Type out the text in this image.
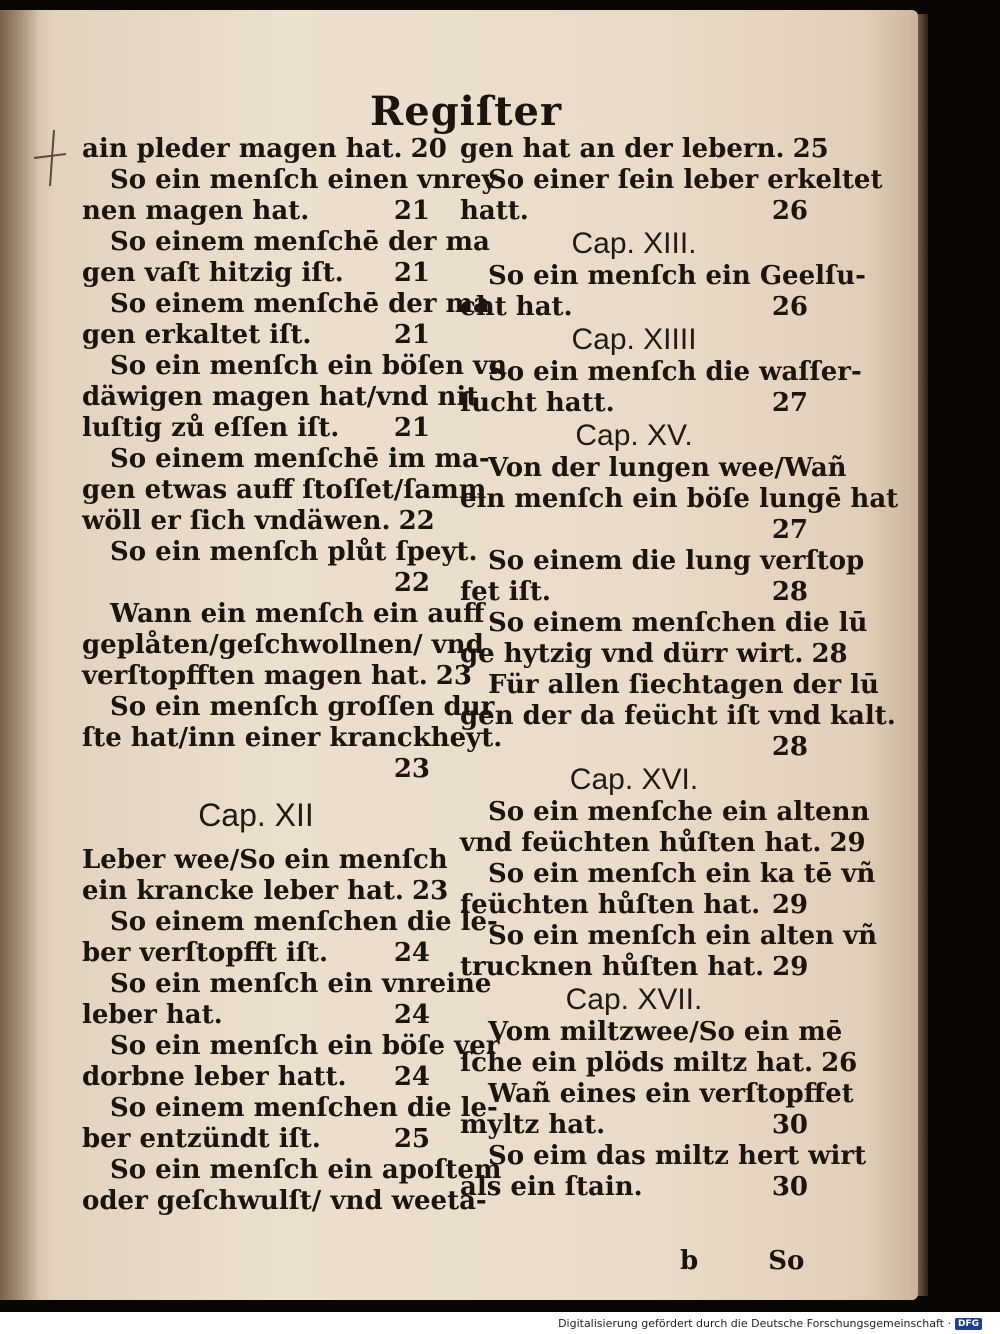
Regiſter
ain pleder magen hat. 20
So ein menſch einen vnrey
nen magen hat.	21
So einem menſchē der ma
gen vaſt hitzig iſt.	21
So einem menſchē der ma
gen erkaltet iſt.	21
So ein menſch ein böſen vn
däwigen magen hat/vnd nit
luſtig zů eſſen iſt.	21
So einem menſchē im ma-
gen etwas auff ſtoſſet/ſamm
wöll er ſich vndäwen. 22
So ein menſch plůt ſpeyt.
22
Wann ein menſch ein auff
geplåten/geſchwollnen/ vnd
verſtopfften magen hat. 23
So ein menſch groſſen dur
ſte hat/inn einer kranckheyt.
23
Cap. XII
Leber wee/So ein menſch
ein krancke leber hat. 23
So einem menſchen die le-
ber verſtopfft iſt.	24
So ein menſch ein vnreine
leber hat.	24
So ein menſch ein böſe ver
dorbne leber hatt.	24
So einem menſchen die le-
ber entzündt iſt.	25
So ein menſch ein apoſtem
oder geſchwulſt/ vnd weeta-
gen hat an der lebern. 25
So einer ſein leber erkeltet
hatt.	26
Cap. XIII.
So ein menſch ein Geelſu-
cht hat.	26
Cap. XIIII
So ein menſch die waſſer-
ſucht hatt.	27
Cap. XV.
Von der lungen wee/Wañ
ein menſch ein böſe lungē hat
27
So einem die lung verſtop
fet iſt.	28
So einem menſchen die lū
ge hytzig vnd dürr wirt. 28
Für allen ſiechtagen der lū
gen der da feücht iſt vnd kalt.
28
Cap. XVI.
So ein menſche ein altenn
vnd feüchten hůſten hat. 29
So ein menſch ein ka tē vñ
feüchten hůſten hat. 29
So ein menſch ein alten vñ
trucknen hůſten hat. 29
Cap. XVII.
Vom miltzwee/So ein mē
ſche ein plöds miltz hat. 26
Wañ eines ein verſtopffet
myltz hat.	30
So eim das miltz hert wirt
als ein ſtain.	30
b	So
Digitalisierung gefördert durch die Deutsche Forschungsgemeinschaft · DFG
